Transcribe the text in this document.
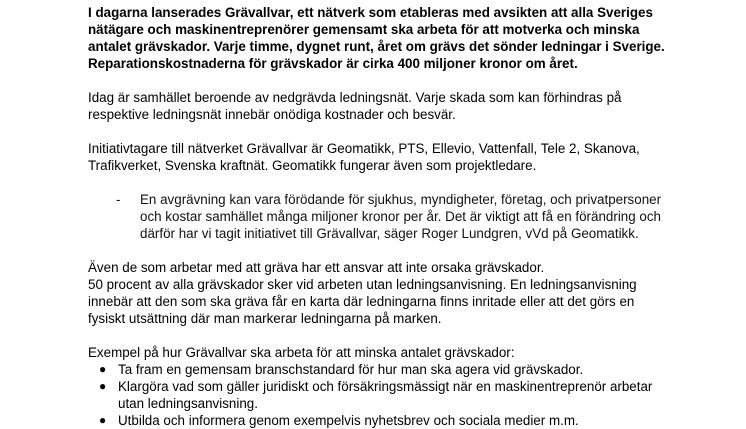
I dagarna lanserades Grävallvar, ett nätverk som etableras med avsikten att alla Sveriges nätägare och maskinentreprenörer gemensamt ska arbeta för att motverka och minska antalet grävskador. Varje timme, dygnet runt, året om grävs det sönder ledningar i Sverige. Reparationskostnaderna för grävskador är cirka 400 miljoner kronor om året.

Idag är samhället beroende av nedgrävda ledningsnät. Varje skada som kan förhindras på respektive ledningsnät innebär onödiga kostnader och besvär.

Initiativtagare till nätverket Grävallvar är Geomatikk, PTS, Ellevio, Vattenfall, Tele 2, Skanova, Trafikverket, Svenska kraftnät. Geomatikk fungerar även som projektledare.

- En avgrävning kan vara förödande för sjukhus, myndigheter, företag, och privatpersoner och kostar samhället många miljoner kronor per år. Det är viktigt att få en förändring och därför har vi tagit initiativet till Grävallvar, säger Roger Lundgren, vVd på Geomatikk.

Även de som arbetar med att gräva har ett ansvar att inte orsaka grävskador.

50 procent av alla grävskador sker vid arbeten utan ledningsanvisning. En ledningsanvisning innebär att den som ska gräva får en karta där ledningarna finns inritade eller att det görs en fysiskt utsättning där man markerar ledningarna på marken.

Exempel på hur Grävallvar ska arbeta för att minska antalet grävskador:

● Ta fram en gemensam branschstandard för hur man ska agera vid grävskador.
● Klargöra vad som gäller juridiskt och försäkringsmässigt när en maskinentreprenör arbetar utan ledningsanvisning.
● Utbilda och informera genom exempelvis nyhetsbrev och sociala medier m.m.
